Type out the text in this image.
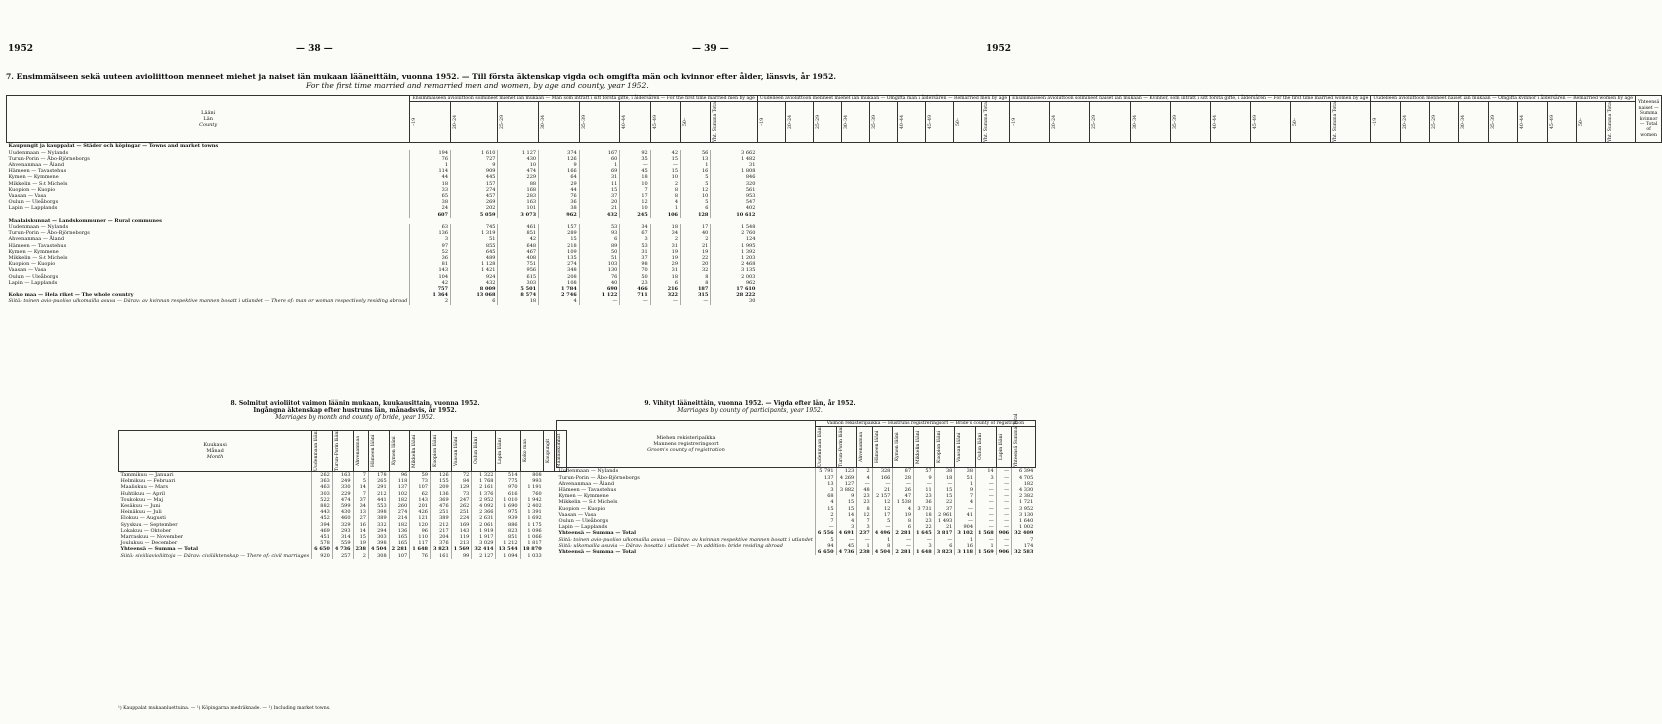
1952	— 38 —	— 39 —	1952
7. Ensimmäiseen sekä uuteen avioliittoon menneet miehet ja naiset iän mukaan lääneittäin, vuonna 1952. — Till första äktenskap vigda och omgifta män och kvinnor efter ålder, länsvis, år 1952.
For the first time married and remarried men and women, by age and county, year 1952.
Lääni
Län
County	Ensimmäiseen avioliittoon solmineet miehet iän mukaan — Män som inträtt i sitt första gifte, i åldersåren — For the first time married men by age									Uudelleen avioliittoon menneet miehet iän mukaan — Omgifta män i åldersåren — Remarried men by age									Ensimmäiseen avioliittoon solmineet naiset iän mukaan — Kvinnor, som inträtt i sitt första gifte, i åldersåren — For the first time married women by age									Uudelleen avioliittoon menneet naiset iän mukaan — Omgifta kvinnor i åldersåren — Remarried women by age									Yhteensä naiset — Summa kvinnor — Total of women

	–19	20–24	25–29	30–34	35–39	40–44	45–49	50–	Yht. Summa Total	–19	20–24	25–29	30–34	35–39	40–44	45–49	50–	Yht. Summa Total	–19	20–24	25–29	30–34	35–39	40–44	45–49	50–	Yht. Summa Total	–19	20–24	25–29	30–34	35–39	40–44	45–49	50–	Yht. Summa Total	

Kaupungit ja kauppalat — Städer och köpingar — Towns and market towns																																					
Uudenmaan — Nylands	194	1 610	1 127	374	167	92	42	56	3 662																												
Turun-Porin — Åbo-Björneborgs	76	727	430	126	60	35	15	13	1 482																												
Ahvenanmaa — Åland	1	9	10	9	1	—	—	1	31																												
Hämeen — Tavastehus	114	909	474	166	69	45	15	16	1 808																												
Kymen — Kymmene	44	445	229	64	31	18	10	5	846																												
Mikkelin — S:t Michels	18	157	88	29	11	10	2	5	320																												
Kuopion — Kuopio	33	274	168	44	15	7	8	12	561																												
Vaasan — Vasa	65	457	283	76	37	17	8	10	953																												
Oulun — Uleåborgs	38	269	163	36	20	12	4	5	547																												
Lapin — Lapplands	24	202	101	38	21	10	1	6	402																												
	607	5 059	3 073	962	432	245	106	128	10 612																												
Maalaiskunnat — Landskommuner — Rural communes																																					
Uudenmaan — Nylands	63	745	461	157	53	34	18	17	1 548																												
Turun-Porin — Åbo-Björneborgs	136	1 319	851	289	93	67	34	40	2 760																												
Ahvenanmaa — Åland	3	51	42	15	6	3	2	2	124																												
Hämeen — Tavastehus	97	855	648	218	89	53	31	21	1 995																												
Kymen — Kymmene	52	645	467	109	50	31	19	19	1 392																												
Mikkelin — S:t Michels	36	489	408	135	51	37	19	22	1 203																												
Kuopion — Kuopio	81	1 128	751	274	103	98	29	20	2 468																												
Vaasan — Vasa	143	1 421	956	348	130	70	31	32	3 135																												
Oulun — Uleåborgs	104	924	615	208	76	50	18	8	2 003																												
Lapin — Lapplands	42	432	303	108	40	23	6	8	962																												
	757	8 009	5 501	1 784	690	466	216	187	17 610																												
Koko maa — Hela riket — The whole country	1 364	13 068	8 574	2 746	1 122	711	322	315	28 222																												
Siitä: toinen avio-puoliso ulkomailla asuva — Därav: av kvinnan respektive mannen bosatt i utlandet — There of: man or woman respectively residing abroad	2	6	18	4	—	—	—	—	30																												
8. Solmitut avioliitot vaimon läänin mukaan, kuukausittain, vuonna 1952.
Ingångna äktenskap efter hustruns län, månadsvis, år 1952.
Marriages by month and county of bride, year 1952.
Kuukausi
Månad
Month	Uudenmaan lääni	Turun-Porin lääni	Ahvenanmaa	Hämeen lääni	Kymen lääni	Mikkelin lääni	Kuopion lääni	Vaasan lääni	Oulun lääni	Lapin lääni	Koko maa	Kaupungit	Maalaiskunnat

Tammikuu — Januari	262	163	7	178	96	59	126	72	1 322	514	808		
Helmikuu — Februari	363	249	5	265	118	73	155	84	1 768	775	993		
Maaliskuu — Mars	463	330	14	291	137	107	209	129	2 161	970	1 191		
Huhtikuu — April	303	229	7	212	102	62	136	73	1 376	616	760		
Toukokuu — Maj	522	474	37	441	182	143	369	247	2 952	1 010	1 942		
Kesäkuu — Juni	882	599	34	553	260	201	476	262	4 092	1 690	2 402		
Heinäkuu — Juli	443	430	13	398	274	426	251	251	2 366	975	1 391		
Elokuu — Augusti	452	460	27	389	214	121	389	224	2 631	939	1 692		
Syyskuu — September	394	329	16	332	182	120	212	169	2 061	886	1 175		
Lokakuu — Oktober	469	293	14	294	136	96	217	143	1 919	823	1 096		
Marraskuu — November	451	314	15	303	165	110	204	119	1 917	851	1 066		
Joulukuu — December	578	559	19	398	165	117	376	213	3 029	1 212	1 817		
Yhteensä — Summa — Total	6 650	4 736	238	4 504	2 281	1 648	3 823	1 569	32 414	13 544	18 870		
Siitä: siviiliavioliittoja — Därav: civiläktenskap — There of: civil marriages	920	257	2	308	107	76	161	99	2 127	1 094	1 033		
¹) Kauppalat mukaanluettuina. — ¹) Köpingarna medräknade. — ¹) Including market towns.
9. Vihityt lääneittäin, vuonna 1952. — Vigda efter län, år 1952.
Marriages by county of participants, year 1952.
Miehen rekisteripaikka
Mannens registreringsort
Groom's county of registration	Vaimon rekisteripaikka — Hustruns registreringsort — Bride's county of registration										

	Uudenmaan lääni	Turun-Porin lääni	Ahvenanmaa	Hämeen lääni	Kymen lääni	Mikkelin lääni	Kuopion lääni	Vaasan lääni	Oulun lääni	Lapin lääni	Yhteensä Summa Total

Uudenmaan — Nylands	5 791	123	2	328	87	57	38	38	14	—	6 394
Turun-Porin — Åbo-Björneborgs	137	4 269	4	166	28	9	18	51	3	—	4 705
Ahvenanmaa — Åland	13	127	—	—	—	—	—	1	—	—	182
Hämeen — Tavastehus	3	3 882	48	21	26	11	15	9	—	—	4 330
Kymen — Kymmene	68	9	23	2 157	47	23	15	7	—	—	2 382
Mikkelin — S:t Michels	4	15	23	12	1 538	36	22	4	—	—	1 721
Kuopion — Kuopio	15	15	8	12	4	3 731	37	—	—	—	3 952
Vaasan — Vasa	2	14	12	17	19	18	2 961	41	—	—	3 130
Oulun — Uleåborgs	7	4	7	5	8	23	1 493	—	—	—	1 640
Lapin — Lapplands	—	3	3	—	6	22	21	904	—	—	1 002
Yhteensä — Summa — Total	6 556	4 691	237	4 496	2 281	1 645	3 817	3 102	1 568	906	32 409
Siitä: toinen avio-puoliso ulkomailla asuva — Därav: av kvinnan respektive mannen bosatt i utlandet	5	—	—	1	—	—	—	1	—	—	7
Siitä: ulkomailla asuvia — Därav: bosatta i utlandet — In addition: bride residing abroad	94	45	1	8	—	3	6	16	1	—	174
Yhteensä — Summa — Total	6 650	4 736	238	4 504	2 281	1 648	3 823	3 118	1 569	906	32 583
